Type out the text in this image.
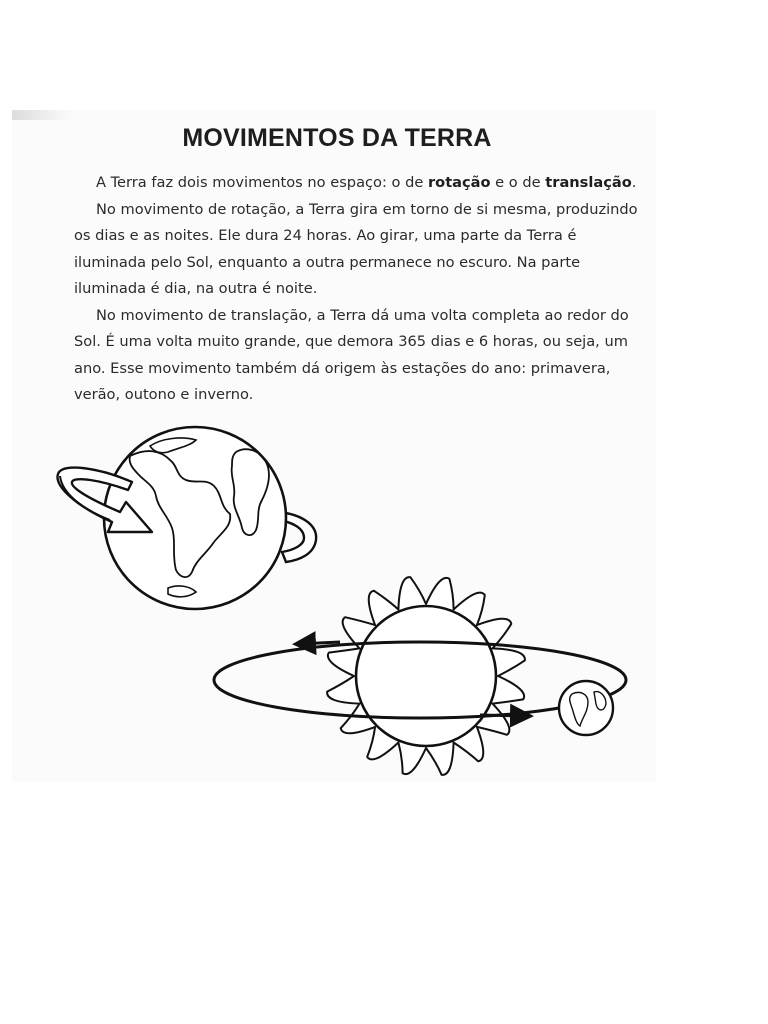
MOVIMENTOS DA TERRA

A Terra faz dois movimentos no espaço: o de rotação e o de translação.

No movimento de rotação, a Terra gira em torno de si mesma, produzindo os dias e as noites. Ele dura 24 horas. Ao girar, uma parte da Terra é iluminada pelo Sol, enquanto a outra permanece no escuro. Na parte iluminada é dia, na outra é noite.

No movimento de translação, a Terra dá uma volta completa ao redor do Sol. É uma volta muito grande, que demora 365 dias e 6 horas, ou seja, um ano. Esse movimento também dá origem às estações do ano: primavera, verão, outono e inverno.
